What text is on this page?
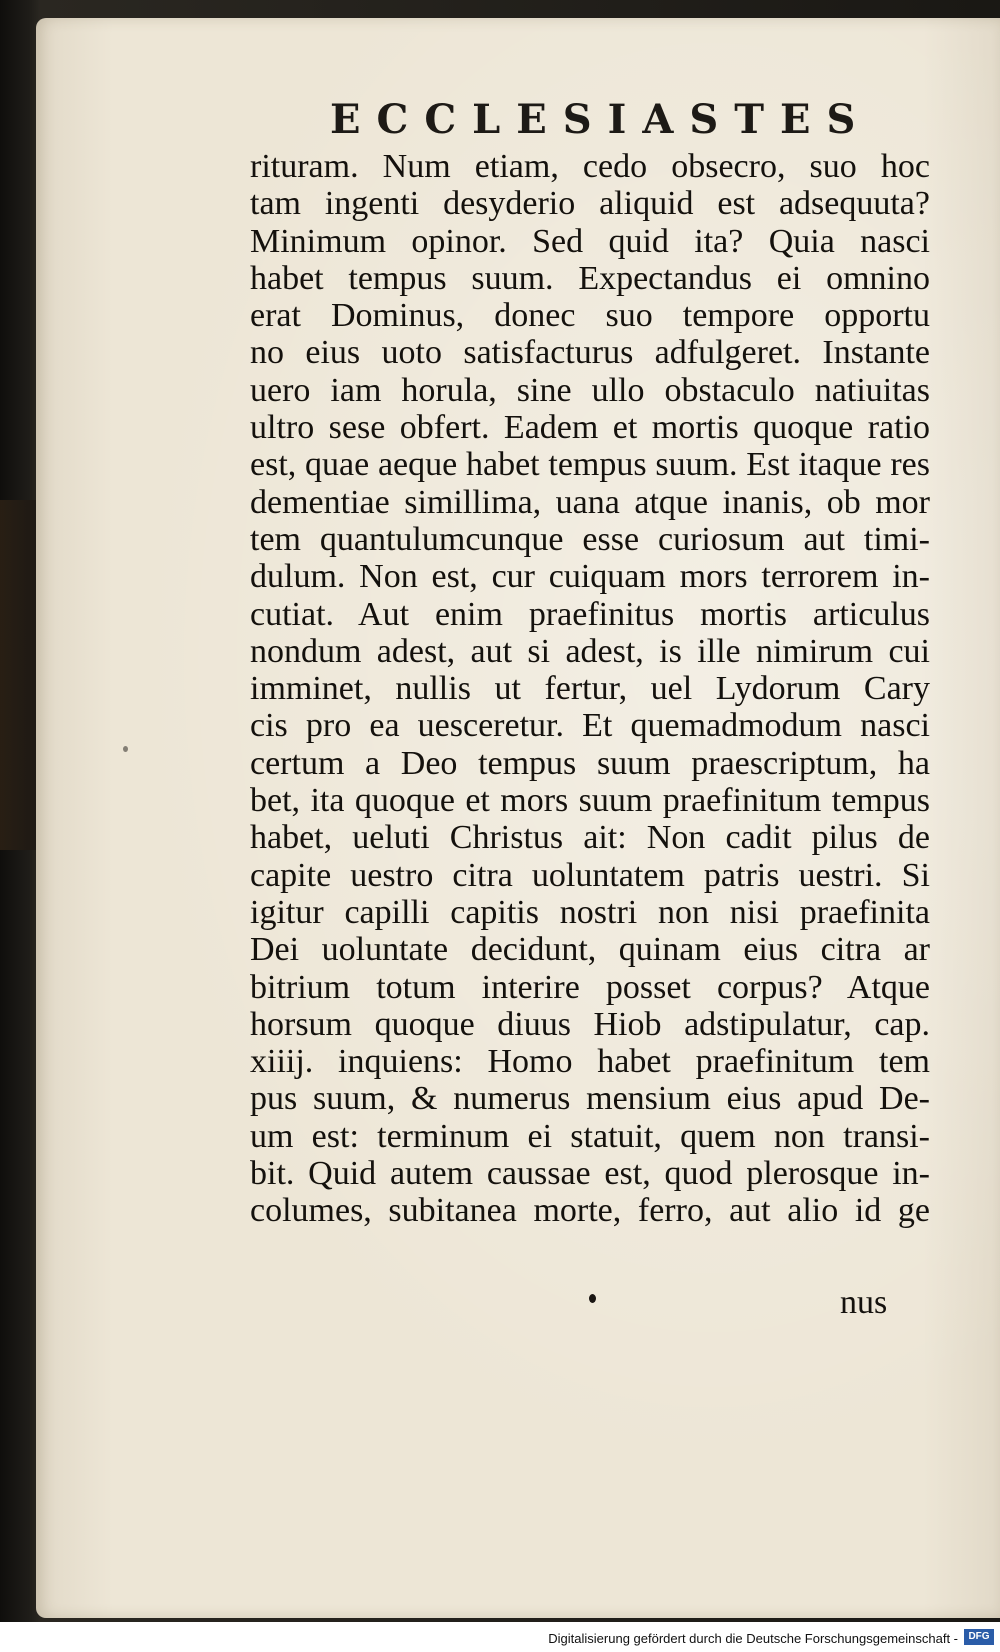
ECCLESIASTES
rituram. Num etiam, cedo obsecro, suo hoc
tam ingenti desyderio aliquid est adsequuta?
Minimum opinor. Sed quid ita? Quia nasci
habet tempus suum. Expectandus ei omnino
erat Dominus, donec suo tempore opportu
no eius uoto satisfacturus adfulgeret. Instante
uero iam horula, sine ullo obstaculo natiuitas
ultro sese obfert. Eadem et mortis quoque ratio
est, quae aeque habet tempus suum. Est itaque res
dementiae simillima, uana atque inanis, ob mor
tem quantulumcunque esse curiosum aut timi-
dulum. Non est, cur cuiquam mors terrorem in-
cutiat. Aut enim praefinitus mortis articulus
nondum adest, aut si adest, is ille nimirum cui
imminet, nullis ut fertur, uel Lydorum Cary
cis pro ea uesceretur. Et quemadmodum nasci
certum a Deo tempus suum praescriptum, ha
bet, ita quoque et mors suum praefinitum tempus
habet, ueluti Christus ait: Non cadit pilus de
capite uestro citra uoluntatem patris uestri. Si
igitur capilli capitis nostri non nisi praefinita
Dei uoluntate decidunt, quinam eius citra ar
bitrium totum interire posset corpus? Atque
horsum quoque diuus Hiob adstipulatur, cap.
xiiij. inquiens: Homo habet praefinitum tem
pus suum, & numerus mensium eius apud De-
um est: terminum ei statuit, quem non transi-
bit. Quid autem caussae est, quod plerosque in-
columes, subitanea morte, ferro, aut alio id ge
nus
Digitalisierung gefördert durch die Deutsche Forschungsgemeinschaft -	DFG
